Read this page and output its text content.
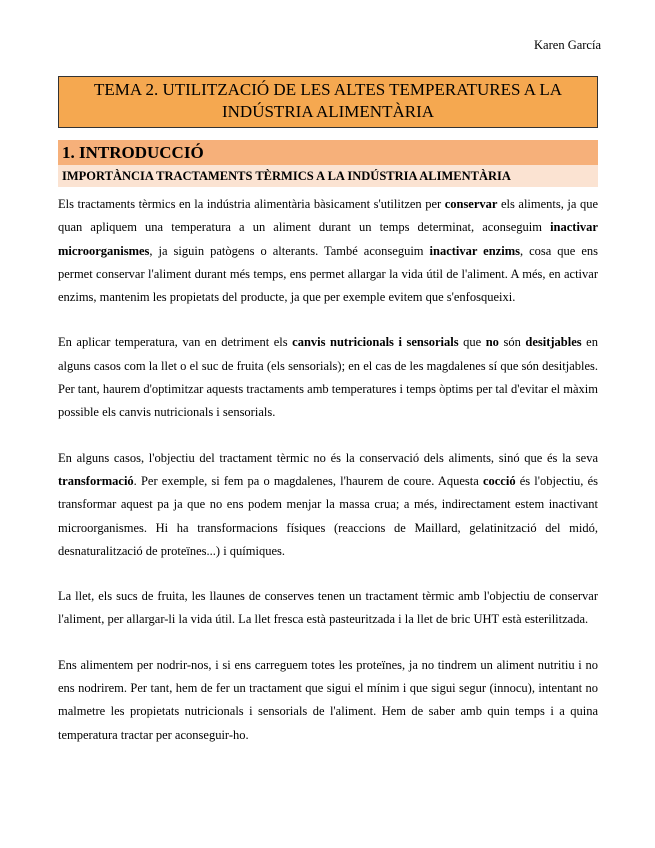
Karen García
TEMA 2. UTILITZACIÓ DE LES ALTES TEMPERATURES A LA
INDÚSTRIA ALIMENTÀRIA
1. INTRODUCCIÓ
IMPORTÀNCIA TRACTAMENTS TÈRMICS A LA INDÚSTRIA ALIMENTÀRIA

Els tractaments tèrmics en la indústria alimentària bàsicament s'utilitzen per conservar els aliments, ja que quan apliquem una temperatura a un aliment durant un temps determinat, aconseguim inactivar microorganismes, ja siguin patògens o alterants. També aconseguim inactivar enzims, cosa que ens permet conservar l'aliment durant més temps, ens permet allargar la vida útil de l'aliment. A més, en activar enzims, mantenim les propietats del producte, ja que per exemple evitem que s'enfosqueixi.

En aplicar temperatura, van en detriment els canvis nutricionals i sensorials que no són desitjables en alguns casos com la llet o el suc de fruita (els sensorials); en el cas de les magdalenes sí que són desitjables. Per tant, haurem d'optimitzar aquests tractaments amb temperatures i temps òptims per tal d'evitar el màxim possible els canvis nutricionals i sensorials.

En alguns casos, l'objectiu del tractament tèrmic no és la conservació dels aliments, sinó que és la seva transformació. Per exemple, si fem pa o magdalenes, l'haurem de coure. Aquesta cocció és l'objectiu, és transformar aquest pa ja que no ens podem menjar la massa crua; a més, indirectament estem inactivant microorganismes. Hi ha transformacions físiques (reaccions de Maillard, gelatinització del midó, desnaturalització de proteïnes...) i químiques.

La llet, els sucs de fruita, les llaunes de conserves tenen un tractament tèrmic amb l'objectiu de conservar l'aliment, per allargar-li la vida útil. La llet fresca està pasteuritzada i la llet de bric UHT està esterilitzada.

Ens alimentem per nodrir-nos, i si ens carreguem totes les proteïnes, ja no tindrem un aliment nutritiu i no ens nodrirem. Per tant, hem de fer un tractament que sigui el mínim i que sigui segur (innocu), intentant no malmetre les propietats nutricionals i sensorials de l'aliment. Hem de saber amb quin temps i a quina temperatura tractar per aconseguir-ho.
